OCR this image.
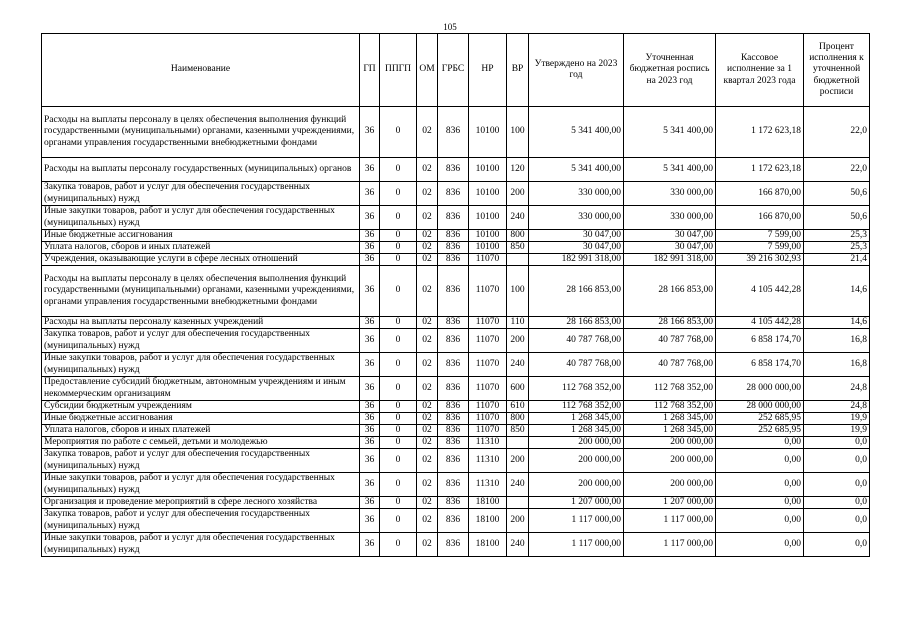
105
Наименование	ГП	ППГП	ОМ	ГРБС	НР	ВР	Утверждено на 2023 год	Уточненная бюджетная роспись на 2023 год	Кассовое исполнение за 1 квартал 2023 года	Процент исполнения к уточненной бюджетной росписи
Расходы на выплаты персоналу в целях обеспечения выполнения функций государственными (муниципальными) органами, казенными учреждениями, органами управления государственными внебюджетными фондами	36	0	02	836	10100	100	5 341 400,00	5 341 400,00	1 172 623,18	22,0
Расходы на выплаты персоналу государственных (муниципальных) органов	36	0	02	836	10100	120	5 341 400,00	5 341 400,00	1 172 623,18	22,0
Закупка товаров, работ и услуг для обеспечения государственных (муниципальных) нужд	36	0	02	836	10100	200	330 000,00	330 000,00	166 870,00	50,6
Иные закупки товаров, работ и услуг для обеспечения государственных (муниципальных) нужд	36	0	02	836	10100	240	330 000,00	330 000,00	166 870,00	50,6
Иные бюджетные ассигнования	36	0	02	836	10100	800	30 047,00	30 047,00	7 599,00	25,3
Уплата налогов, сборов и иных платежей	36	0	02	836	10100	850	30 047,00	30 047,00	7 599,00	25,3
Учреждения, оказывающие услуги в сфере лесных отношений	36	0	02	836	11070		182 991 318,00	182 991 318,00	39 216 302,93	21,4
Расходы на выплаты персоналу в целях обеспечения выполнения функций государственными (муниципальными) органами, казенными учреждениями, органами управления государственными внебюджетными фондами	36	0	02	836	11070	100	28 166 853,00	28 166 853,00	4 105 442,28	14,6
Расходы на выплаты персоналу казенных учреждений	36	0	02	836	11070	110	28 166 853,00	28 166 853,00	4 105 442,28	14,6
Закупка товаров, работ и услуг для обеспечения государственных (муниципальных) нужд	36	0	02	836	11070	200	40 787 768,00	40 787 768,00	6 858 174,70	16,8
Иные закупки товаров, работ и услуг для обеспечения государственных (муниципальных) нужд	36	0	02	836	11070	240	40 787 768,00	40 787 768,00	6 858 174,70	16,8
Предоставление субсидий бюджетным, автономным учреждениям и иным некоммерческим организациям	36	0	02	836	11070	600	112 768 352,00	112 768 352,00	28 000 000,00	24,8
Субсидии бюджетным учреждениям	36	0	02	836	11070	610	112 768 352,00	112 768 352,00	28 000 000,00	24,8
Иные бюджетные ассигнования	36	0	02	836	11070	800	1 268 345,00	1 268 345,00	252 685,95	19,9
Уплата налогов, сборов и иных платежей	36	0	02	836	11070	850	1 268 345,00	1 268 345,00	252 685,95	19,9
Мероприятия по работе с семьей, детьми и молодежью	36	0	02	836	11310		200 000,00	200 000,00	0,00	0,0
Закупка товаров, работ и услуг для обеспечения государственных (муниципальных) нужд	36	0	02	836	11310	200	200 000,00	200 000,00	0,00	0,0
Иные закупки товаров, работ и услуг для обеспечения государственных (муниципальных) нужд	36	0	02	836	11310	240	200 000,00	200 000,00	0,00	0,0
Организация и проведение мероприятий в сфере лесного хозяйства	36	0	02	836	18100		1 207 000,00	1 207 000,00	0,00	0,0
Закупка товаров, работ и услуг для обеспечения государственных (муниципальных) нужд	36	0	02	836	18100	200	1 117 000,00	1 117 000,00	0,00	0,0
Иные закупки товаров, работ и услуг для обеспечения государственных (муниципальных) нужд	36	0	02	836	18100	240	1 117 000,00	1 117 000,00	0,00	0,0
